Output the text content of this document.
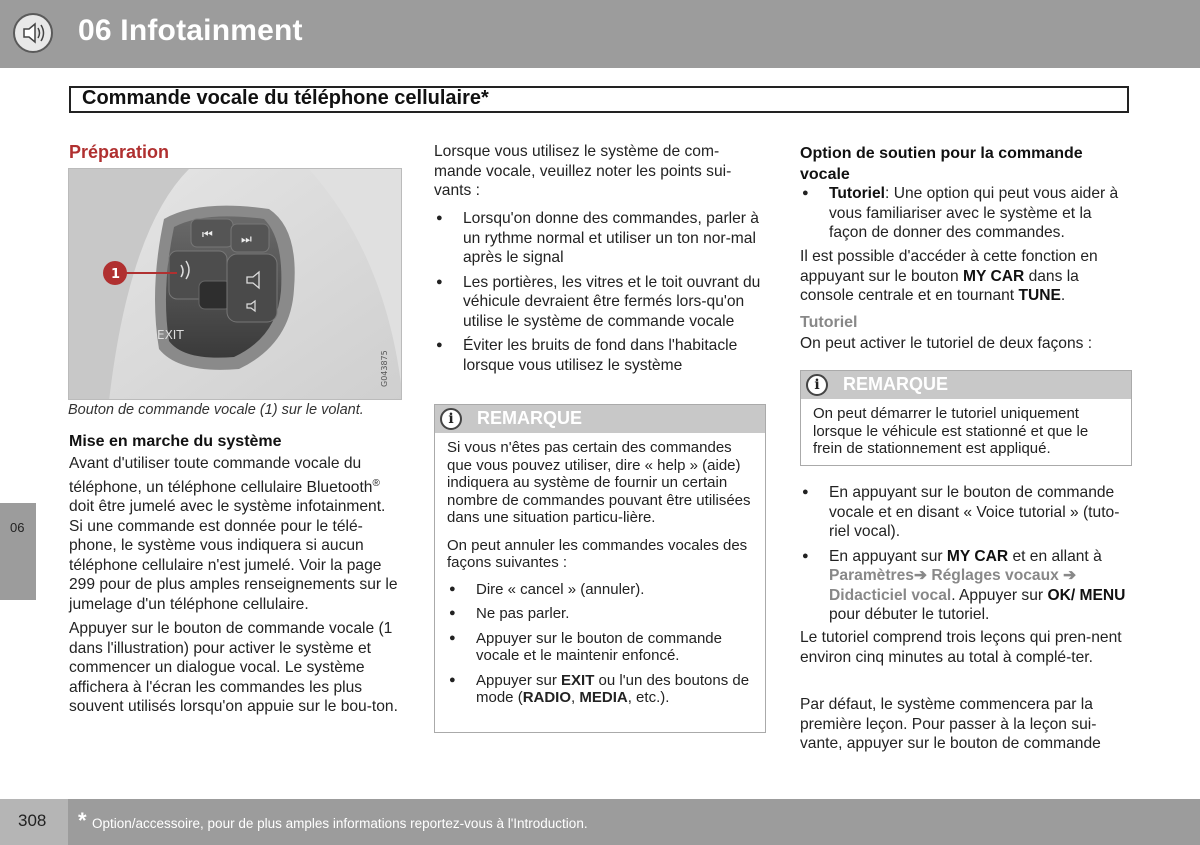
06 Infotainment
Commande vocale du téléphone cellulaire*
Préparation
⏮ ⏭
EXIT
1
G043875
Bouton de commande vocale (1) sur le volant.
Mise en marche du système
Avant d'utiliser toute commande vocale du téléphone, un téléphone cellulaire Bluetooth® doit être jumelé avec le système infotainment. Si une commande est donnée pour le télé-phone, le système vous indiquera si aucun téléphone cellulaire n'est jumelé. Voir la page 299 pour de plus amples renseignements sur le jumelage d'un téléphone cellulaire.
Appuyer sur le bouton de commande vocale (1 dans l'illustration) pour activer le système et commencer un dialogue vocal. Le système affichera à l'écran les commandes les plus souvent utilisés lorsqu'on appuie sur le bou-ton.
06
Lorsque vous utilisez le système de com-mande vocale, veuillez noter les points sui-vants :
● Lorsqu'on donne des commandes, parler à un rythme normal et utiliser un ton nor-mal après le signal
● Les portières, les vitres et le toit ouvrant du véhicule devraient être fermés lors-qu'on utilise le système de commande vocale
● Éviter les bruits de fond dans l'habitacle lorsque vous utilisez le système
i	REMARQUE
Si vous n'êtes pas certain des commandes que vous pouvez utiliser, dire « help » (aide) indiquera au système de fournir un certain nombre de commandes pouvant être utilisées dans une situation particu-lière.
On peut annuler les commandes vocales des façons suivantes :
● Dire « cancel » (annuler).
● Ne pas parler.
● Appuyer sur le bouton de commande vocale et le maintenir enfoncé.
● Appuyer sur EXIT ou l'un des boutons de mode (RADIO, MEDIA, etc.).
Option de soutien pour la commande vocale
● Tutoriel: Une option qui peut vous aider à vous familiariser avec le système et la façon de donner des commandes.
Il est possible d'accéder à cette fonction en appuyant sur le bouton MY CAR dans la console centrale et en tournant TUNE.
Tutoriel
On peut activer le tutoriel de deux façons :
i	REMARQUE
On peut démarrer le tutoriel uniquement lorsque le véhicule est stationné et que le frein de stationnement est appliqué.
● En appuyant sur le bouton de commande vocale et en disant « Voice tutorial » (tuto-riel vocal).
● En appuyant sur MY CAR et en allant à Paramètres➔ Réglages vocaux ➔ Didacticiel vocal. Appuyer sur OK/ MENU pour débuter le tutoriel.
Le tutoriel comprend trois leçons qui pren-nent environ cinq minutes au total à complé-ter.
Par défaut, le système commencera par la première leçon. Pour passer à la leçon sui-vante, appuyer sur le bouton de commande
308 * Option/accessoire, pour de plus amples informations reportez-vous à l'Introduction.
